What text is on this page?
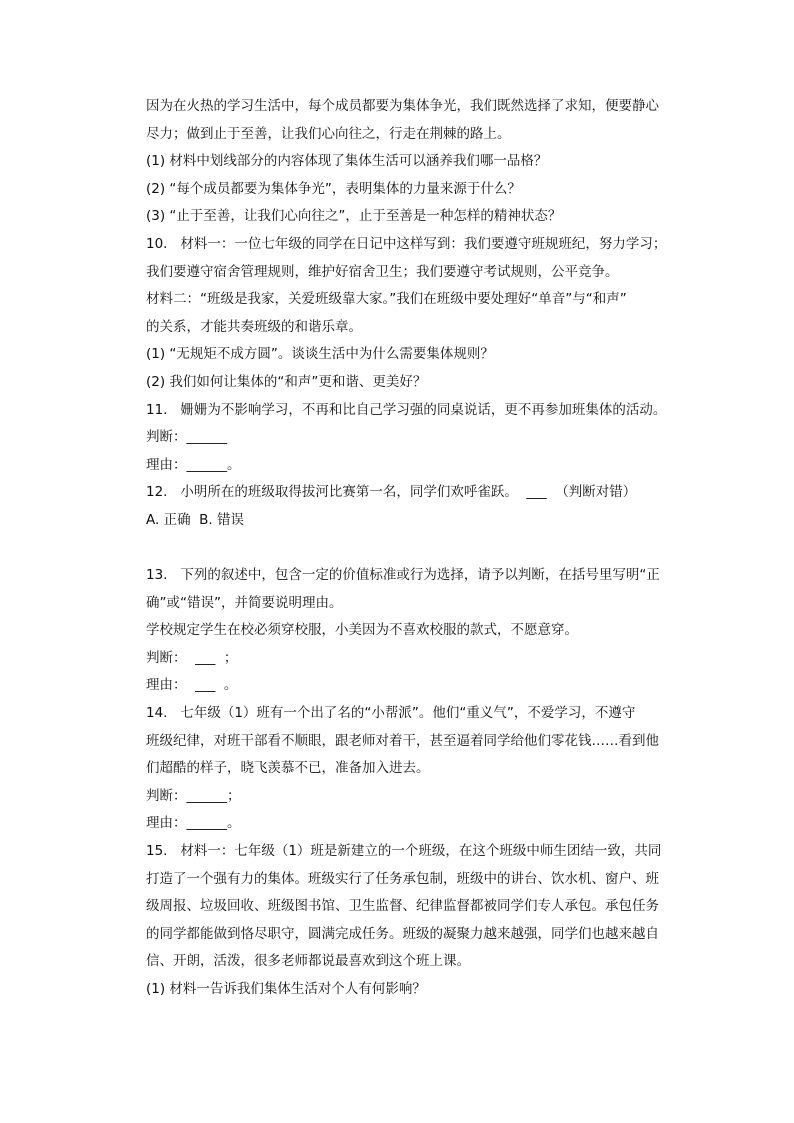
因为在火热的学习生活中，每个成员都要为集体争光，我们既然选择了求知，便要静心
尽力；做到止于至善，让我们心向往之，行走在荆棘的路上。
(1) 材料中划线部分的内容体现了集体生活可以涵养我们哪一品格？
(2) “每个成员都要为集体争光”，表明集体的力量来源于什么？
(3) “止于至善，让我们心向往之”，止于至善是一种怎样的精神状态？
10.   材料一：一位七年级的同学在日记中这样写到：我们要遵守班规班纪，努力学习；
我们要遵守宿舍管理规则，维护好宿舍卫生；我们要遵守考试规则，公平竞争。
材料二：“班级是我家，关爱班级靠大家。”我们在班级中要处理好“单音”与“和声”
的关系，才能共奏班级的和谐乐章。
(1) “无规矩不成方圆”。谈谈生活中为什么需要集体规则？
(2) 我们如何让集体的“和声”更和谐、更美好？
11.   姗姗为不影响学习，不再和比自己学习强的同桌说话，更不再参加班集体的活动。
判断：______
理由：______。
12.   小明所在的班级取得拔河比赛第一名，同学们欢呼雀跃。  ___  （判断对错）
A. 正确  B. 错误
13.   下列的叙述中，包含一定的价值标准或行为选择，请予以判断，在括号里写明“正
确”或“错误”，并简要说明理由。
学校规定学生在校必须穿校服，小美因为不喜欢校服的款式，不愿意穿。
判断：  ___  ；
理由：  ___  。
14.   七年级（1）班有一个出了名的“小帮派”。他们“重义气”，不爱学习，不遵守
班级纪律，对班干部看不顺眼，跟老师对着干，甚至逼着同学给他们零花钱……看到他
们超酷的样子，晓飞羡慕不已，准备加入进去。
判断：______；
理由：______。
15.   材料一：七年级（1）班是新建立的一个班级，在这个班级中师生团结一致，共同
打造了一个强有力的集体。班级实行了任务承包制，班级中的讲台、饮水机、窗户、班
级周报、垃圾回收、班级图书馆、卫生监督、纪律监督都被同学们专人承包。承包任务
的同学都能做到恪尽职守，圆满完成任务。班级的凝聚力越来越强，同学们也越来越自
信、开朗，活泼，很多老师都说最喜欢到这个班上课。
(1) 材料一告诉我们集体生活对个人有何影响？
